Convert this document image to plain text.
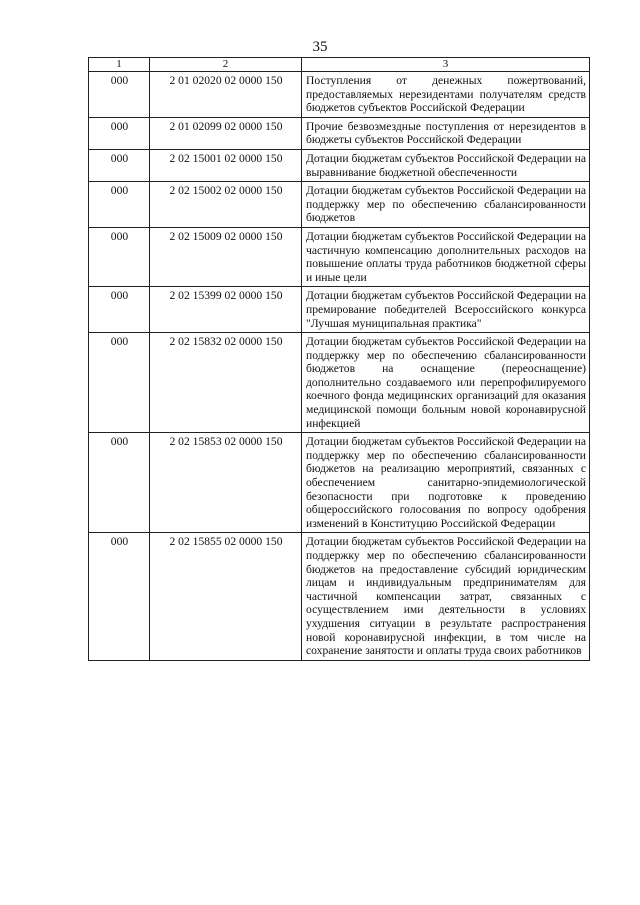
35
1	2	3
000	2 01 02020 02 0000 150	Поступления от денежных пожертвований, предоставляемых нерезидентами получателям средств бюджетов субъектов Российской Федерации
000	2 01 02099 02 0000 150	Прочие безвозмездные поступления от нерезидентов в бюджеты субъектов Российской Федерации
000	2 02 15001 02 0000 150	Дотации бюджетам субъектов Российской Федерации на выравнивание бюджетной обеспеченности
000	2 02 15002 02 0000 150	Дотации бюджетам субъектов Российской Федерации на поддержку мер по обеспечению сбалансированности бюджетов
000	2 02 15009 02 0000 150	Дотации бюджетам субъектов Российской Федерации на частичную компенсацию дополнительных расходов на повышение оплаты труда работников бюджетной сферы и иные цели
000	2 02 15399 02 0000 150	Дотации бюджетам субъектов Российской Федерации на премирование победителей Всероссийского конкурса "Лучшая муниципальная практика"
000	2 02 15832 02 0000 150	Дотации бюджетам субъектов Российской Федерации на поддержку мер по обеспечению сбалансированности бюджетов на оснащение (переоснащение) дополнительно создаваемого или перепрофилируемого коечного фонда медицинских организаций для оказания медицинской помощи больным новой коронавирусной инфекцией
000	2 02 15853 02 0000 150	Дотации бюджетам субъектов Российской Федерации на поддержку мер по обеспечению сбалансированности бюджетов на реализацию мероприятий, связанных с обеспечением санитарно-эпидемиологической безопасности при подготовке к проведению общероссийского голосования по вопросу одобрения изменений в Конституцию Российской Федерации
000	2 02 15855 02 0000 150	Дотации бюджетам субъектов Российской Федерации на поддержку мер по обеспечению сбалансированности бюджетов на предоставление субсидий юридическим лицам и индивидуальным предпринимателям для частичной компенсации затрат, связанных с осуществлением ими деятельности в условиях ухудшения ситуации в результате распространения новой коронавирусной инфекции, в том числе на сохранение занятости и оплаты труда своих работников
